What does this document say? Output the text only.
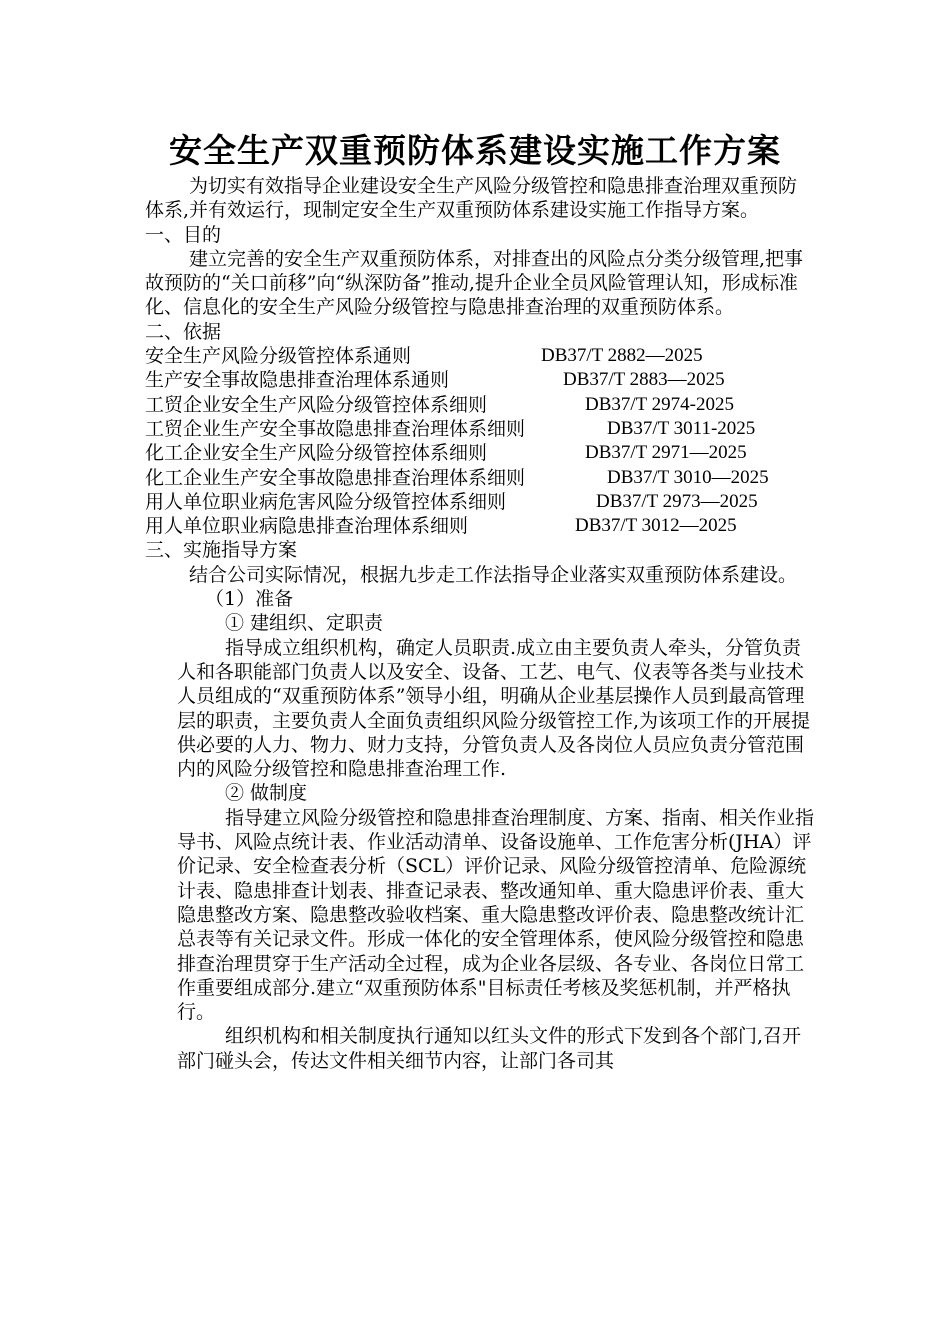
安全生产双重预防体系建设实施工作方案

为切实有效指导企业建设安全生产风险分级管控和隐患排查治理双重预防体系,并有效运行，现制定安全生产双重预防体系建设实施工作指导方案。

一、目的

建立完善的安全生产双重预防体系，对排查出的风险点分类分级管理,把事故预防的“关口前移”向“纵深防备”推动,提升企业全员风险管理认知，形成标准化、信息化的安全生产风险分级管控与隐患排查治理的双重预防体系。

二、依据

安全生产风险分级管控体系通则	DB37/T 2882—2025
生产安全事故隐患排查治理体系通则	DB37/T 2883—2025
工贸企业安全生产风险分级管控体系细则	DB37/T 2974-2025
工贸企业生产安全事故隐患排查治理体系细则	DB37/T 3011-2025
化工企业安全生产风险分级管控体系细则	DB37/T 2971—2025
化工企业生产安全事故隐患排查治理体系细则	DB37/T 3010—2025
用人单位职业病危害风险分级管控体系细则	DB37/T 2973—2025
用人单位职业病隐患排查治理体系细则	DB37/T 3012—2025

三、实施指导方案

结合公司实际情况，根据九步走工作法指导企业落实双重预防体系建设。

（1）准备

① 建组织、定职责

指导成立组织机构，确定人员职责.成立由主要负责人牵头，分管负责人和各职能部门负责人以及安全、设备、工艺、电气、仪表等各类与业技术人员组成的“双重预防体系”领导小组，明确从企业基层操作人员到最高管理层的职责，主要负责人全面负责组织风险分级管控工作,为该项工作的开展提供必要的人力、物力、财力支持，分管负责人及各岗位人员应负责分管范围内的风险分级管控和隐患排查治理工作.

② 做制度

指导建立风险分级管控和隐患排查治理制度、方案、指南、相关作业指导书、风险点统计表、作业活动清单、设备设施单、工作危害分析(JHA）评价记录、安全检查表分析（SCL）评价记录、风险分级管控清单、危险源统计表、隐患排查计划表、排查记录表、整改通知单、重大隐患评价表、重大隐患整改方案、隐患整改验收档案、重大隐患整改评价表、隐患整改统计汇总表等有关记录文件。形成一体化的安全管理体系，使风险分级管控和隐患排查治理贯穿于生产活动全过程，成为企业各层级、各专业、各岗位日常工作重要组成部分.建立“双重预防体系"目标责任考核及奖惩机制，并严格执行。

组织机构和相关制度执行通知以红头文件的形式下发到各个部门,召开部门碰头会，传达文件相关细节内容，让部门各司其
